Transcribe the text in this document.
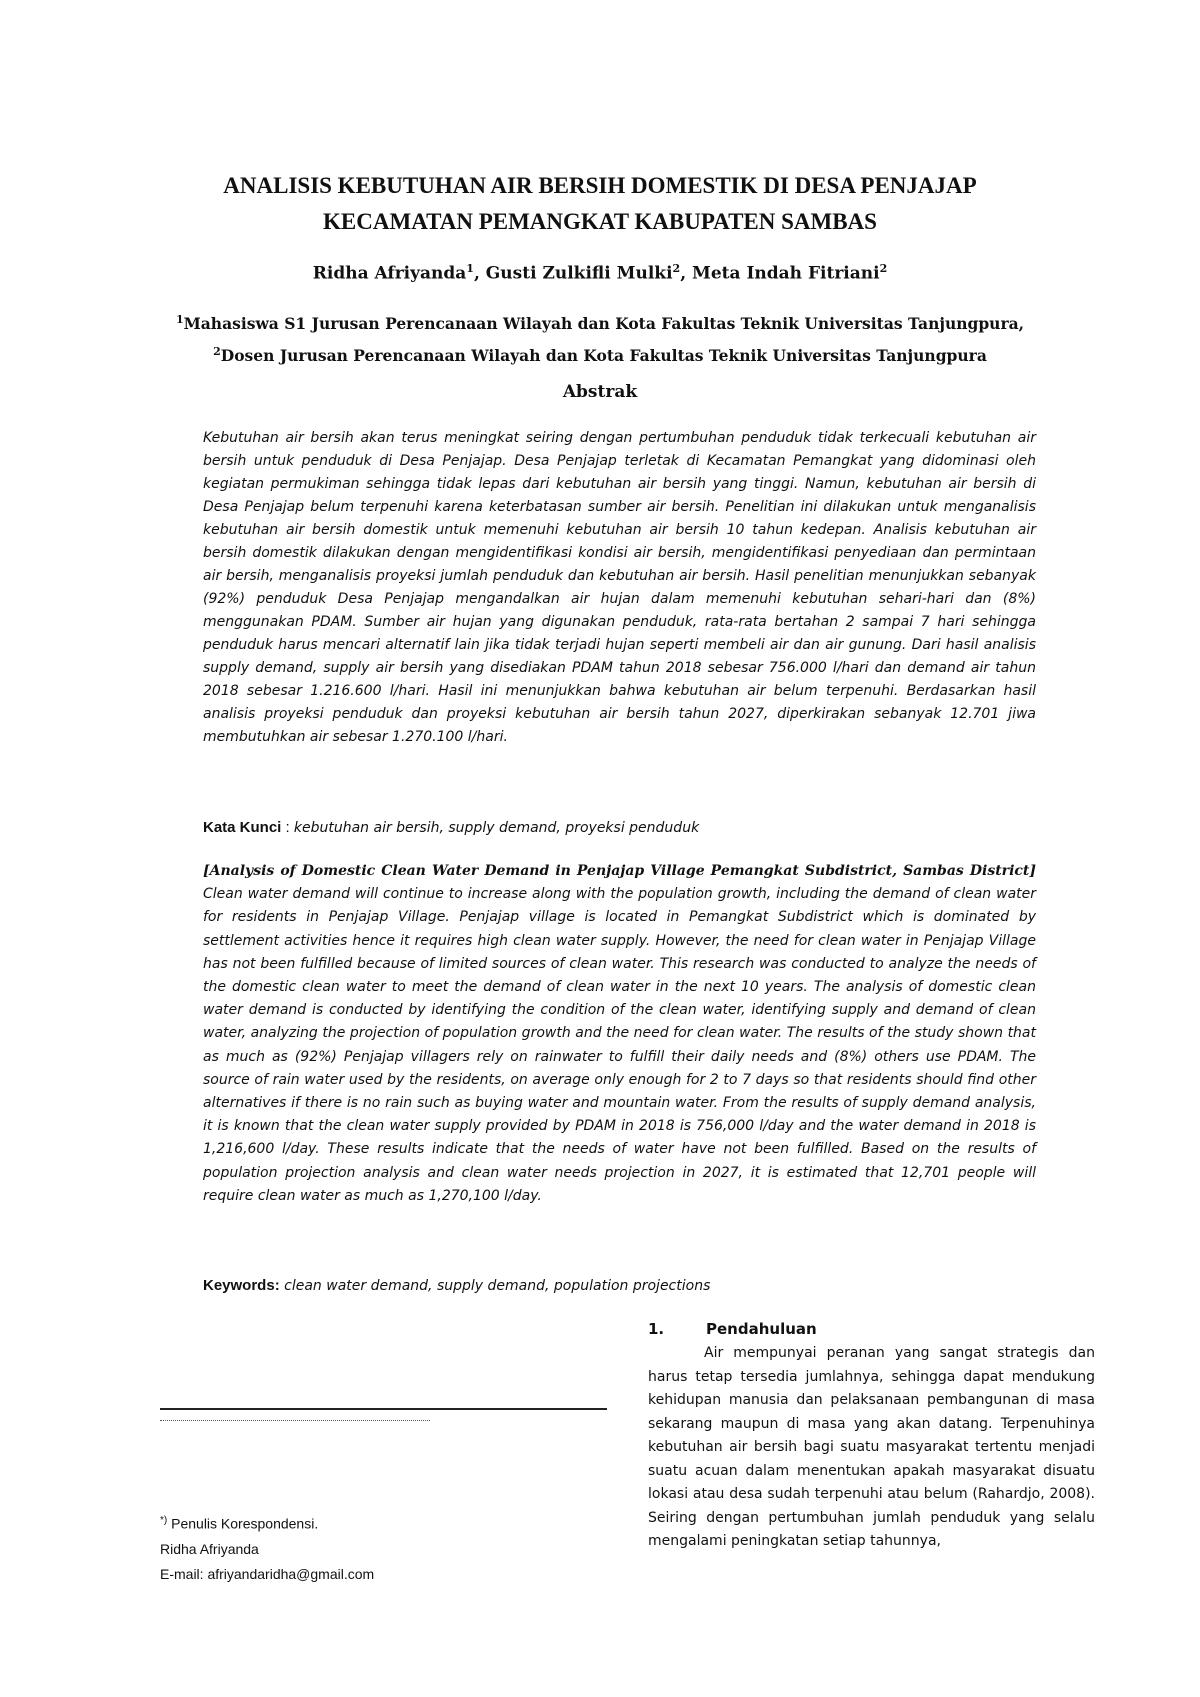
ANALISIS KEBUTUHAN AIR BERSIH DOMESTIK DI DESA PENJAJAP
KECAMATAN PEMANGKAT KABUPATEN SAMBAS
Ridha Afriyanda$^1$, Gusti Zulkifli Mulki$^2$, Meta Indah Fitriani$^2$
$^1$Mahasiswa S1 Jurusan Perencanaan Wilayah dan Kota Fakultas Teknik Universitas Tanjungpura,
$^2$Dosen Jurusan Perencanaan Wilayah dan Kota Fakultas Teknik Universitas Tanjungpura
Abstrak

Kebutuhan air bersih akan terus meningkat seiring dengan pertumbuhan penduduk tidak terkecuali kebutuhan air bersih untuk penduduk di Desa Penjajap. Desa Penjajap terletak di Kecamatan Pemangkat yang didominasi oleh kegiatan permukiman sehingga tidak lepas dari kebutuhan air bersih yang tinggi. Namun, kebutuhan air bersih di Desa Penjajap belum terpenuhi karena keterbatasan sumber air bersih. Penelitian ini dilakukan untuk menganalisis kebutuhan air bersih domestik untuk memenuhi kebutuhan air bersih 10 tahun kedepan. Analisis kebutuhan air bersih domestik dilakukan dengan mengidentifikasi kondisi air bersih, mengidentifikasi penyediaan dan permintaan air bersih, menganalisis proyeksi jumlah penduduk dan kebutuhan air bersih. Hasil penelitian menunjukkan sebanyak (92%) penduduk Desa Penjajap mengandalkan air hujan dalam memenuhi kebutuhan sehari-hari dan (8%) menggunakan PDAM. Sumber air hujan yang digunakan penduduk, rata-rata bertahan 2 sampai 7 hari sehingga penduduk harus mencari alternatif lain jika tidak terjadi hujan seperti membeli air dan air gunung. Dari hasil analisis supply demand, supply air bersih yang disediakan PDAM tahun 2018 sebesar 756.000 l/hari dan demand air tahun 2018 sebesar 1.216.600 l/hari. Hasil ini menunjukkan bahwa kebutuhan air belum terpenuhi. Berdasarkan hasil analisis proyeksi penduduk dan proyeksi kebutuhan air bersih tahun 2027, diperkirakan sebanyak 12.701 jiwa membutuhkan air sebesar 1.270.100 l/hari.

Kata Kunci : kebutuhan air bersih, supply demand, proyeksi penduduk

[Analysis of Domestic Clean Water Demand in Penjajap Village Pemangkat Subdistrict, Sambas District] Clean water demand will continue to increase along with the population growth, including the demand of clean water for residents in Penjajap Village. Penjajap village is located in Pemangkat Subdistrict which is dominated by settlement activities hence it requires high clean water supply. However, the need for clean water in Penjajap Village has not been fulfilled because of limited sources of clean water. This research was conducted to analyze the needs of the domestic clean water to meet the demand of clean water in the next 10 years. The analysis of domestic clean water demand is conducted by identifying the condition of the clean water, identifying supply and demand of clean water, analyzing the projection of population growth and the need for clean water. The results of the study shown that as much as (92%) Penjajap villagers rely on rainwater to fulfill their daily needs and (8%) others use PDAM. The source of rain water used by the residents, on average only enough for 2 to 7 days so that residents should find other alternatives if there is no rain such as buying water and mountain water. From the results of supply demand analysis, it is known that the clean water supply provided by PDAM in 2018 is 756,000 l/day and the water demand in 2018 is 1,216,600 l/day. These results indicate that the needs of water have not been fulfilled. Based on the results of population projection analysis and clean water needs projection in 2027, it is estimated that 12,701 people will require clean water as much as 1,270,100 l/day.

Keywords: clean water demand, supply demand, population projections

*) Penulis Korespondensi.
Ridha Afriyanda
E-mail: afriyandaridha@gmail.com
1.	Pendahuluan

Air mempunyai peranan yang sangat strategis dan harus tetap tersedia jumlahnya, sehingga dapat mendukung kehidupan manusia dan pelaksanaan pembangunan di masa sekarang maupun di masa yang akan datang. Terpenuhinya kebutuhan air bersih bagi suatu masyarakat tertentu menjadi suatu acuan dalam menentukan apakah masyarakat disuatu lokasi atau desa sudah terpenuhi atau belum (Rahardjo, 2008). Seiring dengan pertumbuhan jumlah penduduk yang selalu mengalami peningkatan setiap tahunnya,
